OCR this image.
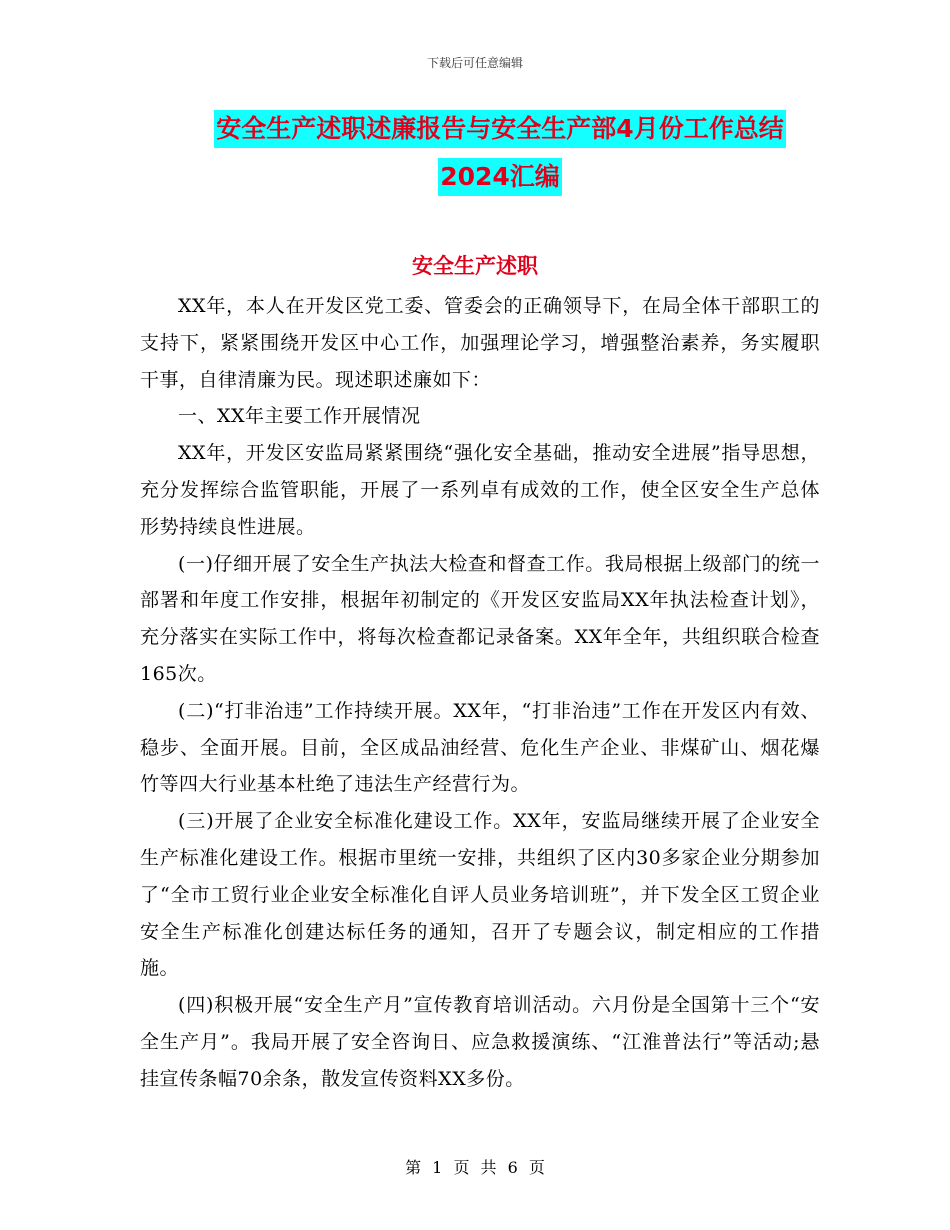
下载后可任意编辑
安全生产述职述廉报告与安全生产部4月份工作总结
2024汇编
安全生产述职

XX年，本人在开发区党工委、管委会的正确领导下，在局全体干部职工的支持下，紧紧围绕开发区中心工作，加强理论学习，增强整治素养，务实履职干事，自律清廉为民。现述职述廉如下：

一、XX年主要工作开展情况

XX年，开发区安监局紧紧围绕“强化安全基础，推动安全进展”指导思想，充分发挥综合监管职能，开展了一系列卓有成效的工作，使全区安全生产总体形势持续良性进展。

(一)仔细开展了安全生产执法大检查和督查工作。我局根据上级部门的统一部署和年度工作安排，根据年初制定的《开发区安监局XX年执法检查计划》，充分落实在实际工作中，将每次检查都记录备案。XX年全年，共组织联合检查165次。

(二)“打非治违”工作持续开展。XX年，“打非治违”工作在开发区内有效、稳步、全面开展。目前，全区成品油经营、危化生产企业、非煤矿山、烟花爆竹等四大行业基本杜绝了违法生产经营行为。

(三)开展了企业安全标准化建设工作。XX年，安监局继续开展了企业安全生产标准化建设工作。根据市里统一安排，共组织了区内30多家企业分期参加了“全市工贸行业企业安全标准化自评人员业务培训班”，并下发全区工贸企业安全生产标准化创建达标任务的通知，召开了专题会议，制定相应的工作措施。

(四)积极开展“安全生产月”宣传教育培训活动。六月份是全国第十三个“安全生产月”。我局开展了安全咨询日、应急救援演练、“江淮普法行”等活动;悬挂宣传条幅70余条，散发宣传资料XX多份。

第 1 页 共 6 页
